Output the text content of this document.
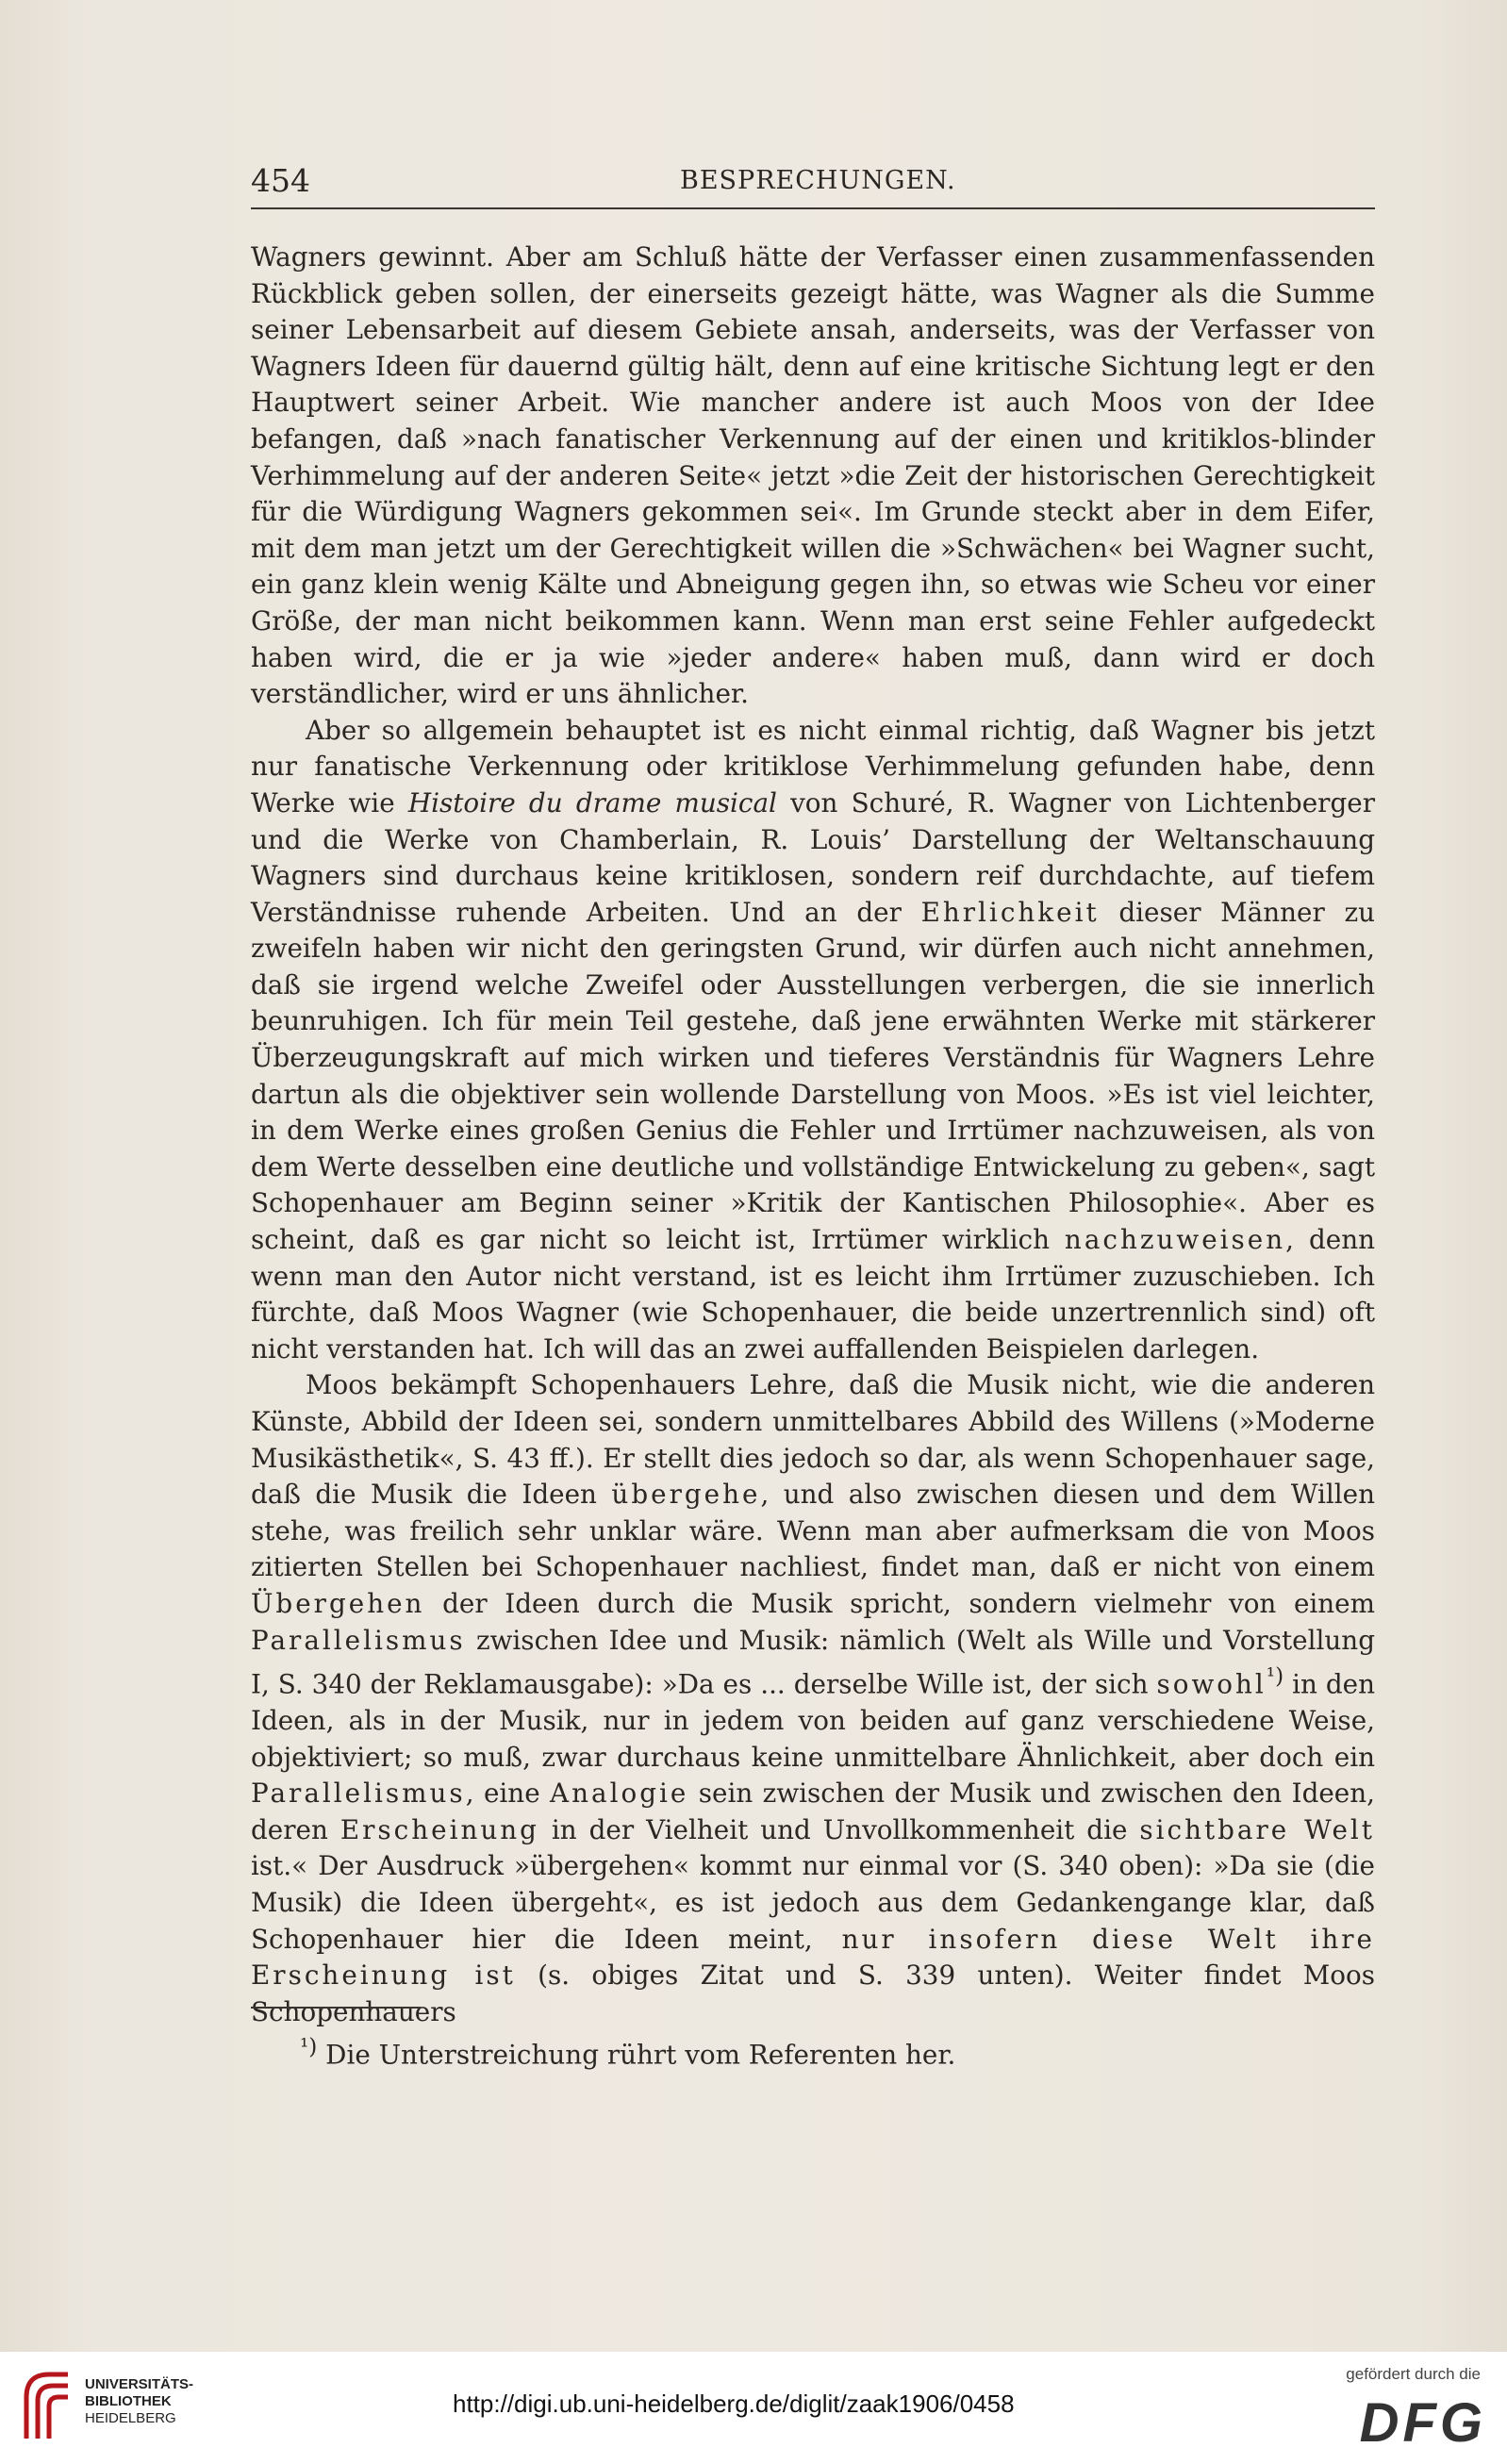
454	BESPRECHUNGEN.

Wagners gewinnt. Aber am Schluß hätte der Verfasser einen zusammenfassenden Rückblick geben sollen, der einerseits gezeigt hätte, was Wagner als die Summe seiner Lebensarbeit auf diesem Gebiete ansah, anderseits, was der Verfasser von Wagners Ideen für dauernd gültig hält, denn auf eine kritische Sichtung legt er den Hauptwert seiner Arbeit. Wie mancher andere ist auch Moos von der Idee befangen, daß »nach fanatischer Verkennung auf der einen und kritiklos-blinder Verhimmelung auf der anderen Seite« jetzt »die Zeit der historischen Gerechtigkeit für die Würdigung Wagners gekommen sei«. Im Grunde steckt aber in dem Eifer, mit dem man jetzt um der Gerechtigkeit willen die »Schwächen« bei Wagner sucht, ein ganz klein wenig Kälte und Abneigung gegen ihn, so etwas wie Scheu vor einer Größe, der man nicht beikommen kann. Wenn man erst seine Fehler aufgedeckt haben wird, die er ja wie »jeder andere« haben muß, dann wird er doch verständlicher, wird er uns ähnlicher.

Aber so allgemein behauptet ist es nicht einmal richtig, daß Wagner bis jetzt nur fanatische Verkennung oder kritiklose Verhimmelung gefunden habe, denn Werke wie Histoire du drame musical von Schuré, R. Wagner von Lichtenberger und die Werke von Chamberlain, R. Louis’ Darstellung der Weltanschauung Wagners sind durchaus keine kritiklosen, sondern reif durchdachte, auf tiefem Verständnisse ruhende Arbeiten. Und an der Ehrlichkeit dieser Männer zu zweifeln haben wir nicht den geringsten Grund, wir dürfen auch nicht annehmen, daß sie irgend welche Zweifel oder Ausstellungen verbergen, die sie innerlich beunruhigen. Ich für mein Teil gestehe, daß jene erwähnten Werke mit stärkerer Überzeugungskraft auf mich wirken und tieferes Verständnis für Wagners Lehre dartun als die objektiver sein wollende Darstellung von Moos. »Es ist viel leichter, in dem Werke eines großen Genius die Fehler und Irrtümer nachzuweisen, als von dem Werte desselben eine deutliche und vollständige Entwickelung zu geben«, sagt Schopenhauer am Beginn seiner »Kritik der Kantischen Philosophie«. Aber es scheint, daß es gar nicht so leicht ist, Irrtümer wirklich nachzuweisen, denn wenn man den Autor nicht verstand, ist es leicht ihm Irrtümer zuzuschieben. Ich fürchte, daß Moos Wagner (wie Schopenhauer, die beide unzertrennlich sind) oft nicht verstanden hat. Ich will das an zwei auffallenden Beispielen darlegen.

Moos bekämpft Schopenhauers Lehre, daß die Musik nicht, wie die anderen Künste, Abbild der Ideen sei, sondern unmittelbares Abbild des Willens (»Moderne Musikästhetik«, S. 43 ff.). Er stellt dies jedoch so dar, als wenn Schopenhauer sage, daß die Musik die Ideen übergehe, und also zwischen diesen und dem Willen stehe, was freilich sehr unklar wäre. Wenn man aber aufmerksam die von Moos zitierten Stellen bei Schopenhauer nachliest, findet man, daß er nicht von einem Übergehen der Ideen durch die Musik spricht, sondern vielmehr von einem Parallelismus zwischen Idee und Musik: nämlich (Welt als Wille und Vorstellung I, S. 340 der Reklamausgabe): »Da es ... derselbe Wille ist, der sich sowohl$^{^1)}$ in den Ideen, als in der Musik, nur in jedem von beiden auf ganz verschiedene Weise, objektiviert; so muß, zwar durchaus keine unmittelbare Ähnlichkeit, aber doch ein Parallelismus, eine Analogie sein zwischen der Musik und zwischen den Ideen, deren Erscheinung in der Vielheit und Unvollkommenheit die sichtbare Welt ist.« Der Ausdruck »übergehen« kommt nur einmal vor (S. 340 oben): »Da sie (die Musik) die Ideen übergeht«, es ist jedoch aus dem Gedankengange klar, daß Schopenhauer hier die Ideen meint, nur insofern diese Welt ihre Erscheinung ist (s. obiges Zitat und S. 339 unten). Weiter findet Moos Schopenhauers

$^{^1)}$ Die Unterstreichung rührt vom Referenten her.
UNIVERSITÄTS-
BIBLIOTHEK
HEIDELBERG
http://digi.ub.uni-heidelberg.de/diglit/zaak1906/0458
gefördert durch die
DFG
